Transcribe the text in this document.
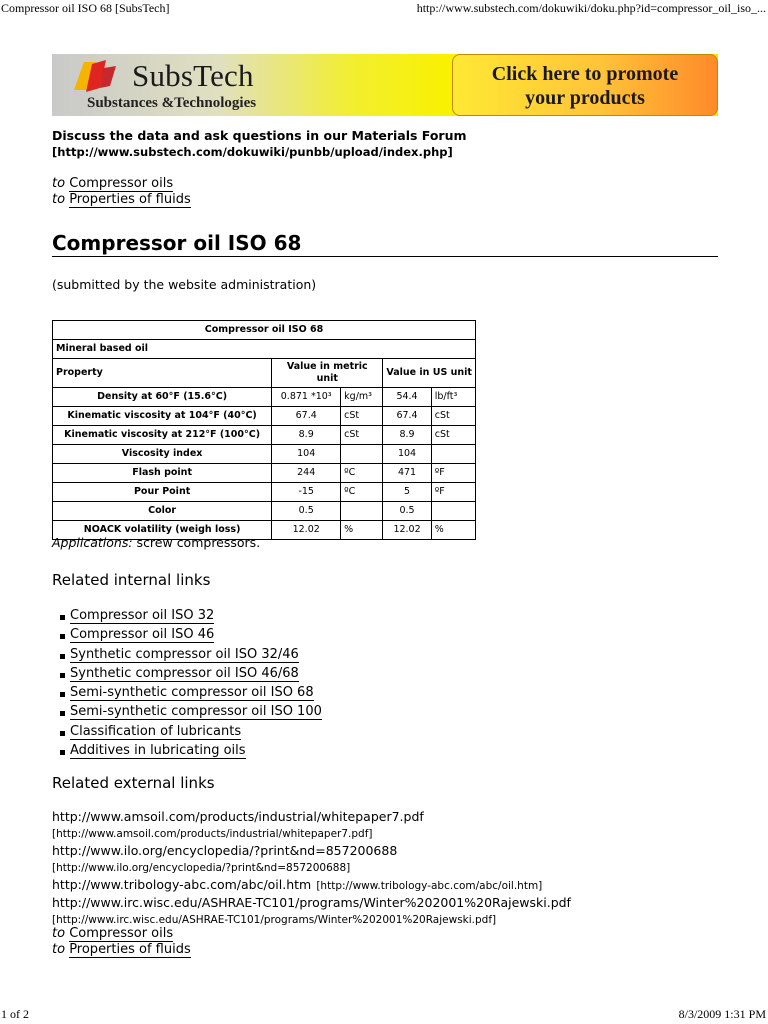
Compressor oil ISO 68 [SubsTech]	http://www.substech.com/dokuwiki/doku.php?id=compressor_oil_iso_...
SubsTech
Substances &Technologies
Click here to promote
your products
Discuss the data and ask questions in our Materials Forum
[http://www.substech.com/dokuwiki/punbb/upload/index.php]
to Compressor oils
to Properties of fluids
Compressor oil ISO 68
(submitted by the website administration)
Compressor oil ISO 68				
Mineral based oil				
Property	Value in metric unit		Value in US unit	
Density at 60°F (15.6°C)	0.871 *10³	kg/m³	54.4	lb/ft³
Kinematic viscosity at 104°F (40°C)	67.4	cSt	67.4	cSt
Kinematic viscosity at 212°F (100°C)	8.9	cSt	8.9	cSt
Viscosity index	104		104	
Flash point	244	ºC	471	ºF
Pour Point	-15	ºC	5	ºF
Color	0.5		0.5	
NOACK volatility (weigh loss)	12.02	%	12.02	%
Applications: screw compressors.
Related internal links
Compressor oil ISO 32
Compressor oil ISO 46
Synthetic compressor oil ISO 32/46
Synthetic compressor oil ISO 46/68
Semi-synthetic compressor oil ISO 68
Semi-synthetic compressor oil ISO 100
Classification of lubricants
Additives in lubricating oils
Related external links
http://www.amsoil.com/products/industrial/whitepaper7.pdf
[http://www.amsoil.com/products/industrial/whitepaper7.pdf]
http://www.ilo.org/encyclopedia/?print&nd=857200688
[http://www.ilo.org/encyclopedia/?print&nd=857200688]
http://www.tribology-abc.com/abc/oil.htm [http://www.tribology-abc.com/abc/oil.htm]
http://www.irc.wisc.edu/ASHRAE-TC101/programs/Winter%202001%20Rajewski.pdf
[http://www.irc.wisc.edu/ASHRAE-TC101/programs/Winter%202001%20Rajewski.pdf]
to Compressor oils
to Properties of fluids
1 of 2	8/3/2009 1:31 PM
